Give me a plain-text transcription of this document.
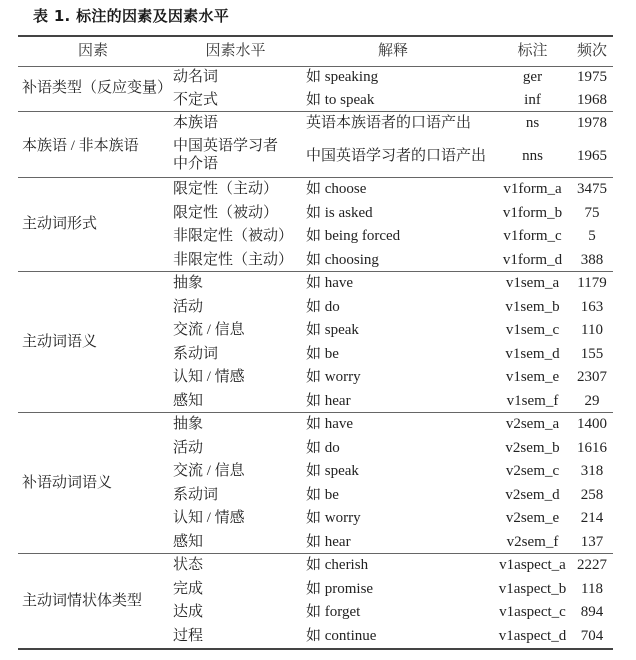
表 1. 标注的因素及因素水平
因素	因素水平	解释	标注	频次
补语类型（反应变量）
动名词	如 speaking	ger	1975
不定式	如 to speak	inf	1968
本族语 / 非本族语
本族语	英语本族语者的口语产出	ns	1978
中国英语学习者
中介语	中国英语学习者的口语产出	nns	1965
主动词形式
限定性（主动） 如 choose	v1form_a	3475
限定性（被动） 如 is asked	v1form_b	75
非限定性（被动） 如 being forced	v1form_c	5
非限定性（主动） 如 choosing	v1form_d	388
主动词语义
抽象	如 have	v1sem_a	1179
活动	如 do	v1sem_b	163
交流 / 信息	如 speak	v1sem_c	110
系动词	如 be	v1sem_d	155
认知 / 情感	如 worry	v1sem_e	2307
感知	如 hear	v1sem_f	29
补语动词语义
抽象	如 have	v2sem_a	1400
活动	如 do	v2sem_b	1616
交流 / 信息	如 speak	v2sem_c	318
系动词	如 be	v2sem_d	258
认知 / 情感	如 worry	v2sem_e	214
感知	如 hear	v2sem_f	137
主动词情状体类型
状态	如 cherish	v1aspect_a 2227
完成	如 promise	v1aspect_b 118
达成	如 forget	v1aspect_c 894
过程	如 continue	v1aspect_d 704
